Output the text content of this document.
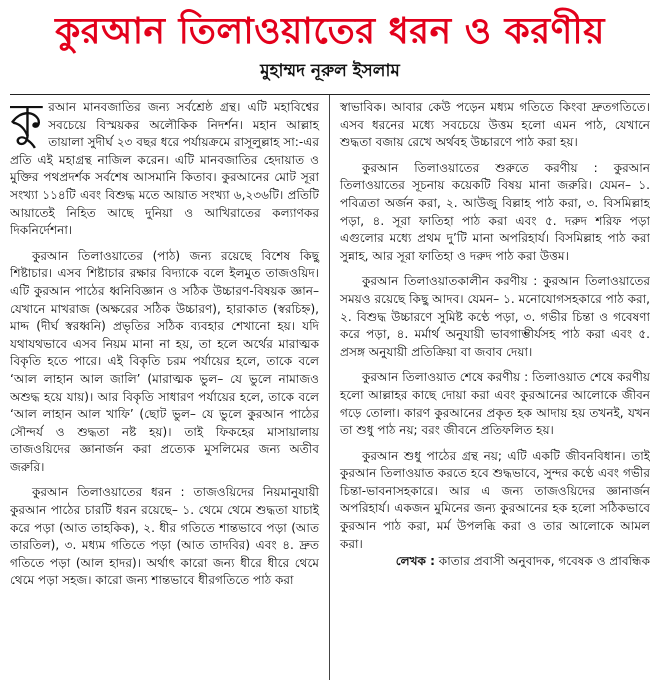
কুরআন তিলাওয়াতের ধরন ও করণীয়
মুহাম্মদ নূরুল ইসলাম

কুরআন মানবজাতির জন্য সর্বশ্রেষ্ঠ গ্রন্থ। এটি মহাবিশ্বের সবচেয়ে বিস্ময়কর অলৌকিক নিদর্শন। মহান আল্লাহ তায়ালা সুদীর্ঘ ২৩ বছর ধরে পর্যায়ক্রমে রাসূলুল্লাহ সা:-এর প্রতি এই মহাগ্রন্থ নাজিল করেন। এটি মানবজাতির হেদায়াত ও মুক্তির পথপ্রদর্শক সর্বশেষ আসমানি কিতাব। কুরআনের মোট সূরা সংখ্যা ১১৪টি এবং বিশুদ্ধ মতে আয়াত সংখ্যা ৬,২৩৬টি। প্রতিটি আয়াতেই নিহিত আছে দুনিয়া ও আখিরাতের কল্যাণকর দিকনির্দেশনা।

কুরআন তিলাওয়াতের (পাঠ) জন্য রয়েছে বিশেষ কিছু শিষ্টাচার। এসব শিষ্টাচার রক্ষার বিদ্যাকে বলে ইলমুত তাজওয়িদ। এটি কুরআন পাঠের ধ্বনিবিজ্ঞান ও সঠিক উচ্চারণ-বিষয়ক জ্ঞান– যেখানে মাখরাজ (অক্ষরের সঠিক উচ্চারণ), হারাকাত (স্বরচিহ্ন), মাদ্দ (দীর্ঘ স্বরধ্বনি) প্রভৃতির সঠিক ব্যবহার শেখানো হয়। যদি যথাযথভাবে এসব নিয়ম মানা না হয়, তা হলে অর্থের মারাত্মক বিকৃতি হতে পারে। এই বিকৃতি চরম পর্যায়ের হলে, তাকে বলে ‘আল লাহান আল জালি’ (মারাত্মক ভুল– যে ভুলে নামাজও অশুদ্ধ হয়ে যায়)। আর বিকৃতি সাধারণ পর্যায়ের হলে, তাকে বলে ‘আল লাহান আল খাফি’ (ছোট ভুল– যে ভুলে কুরআন পাঠের সৌন্দর্য ও শুদ্ধতা নষ্ট হয়)। তাই ফিকহের মাসায়ালায় তাজওয়িদের জ্ঞানার্জন করা প্রত্যেক মুসলিমের জন্য অতীব জরুরি।

কুরআন তিলাওয়াতের ধরন : তাজওয়িদের নিয়মানুযায়ী কুরআন পাঠের চারটি ধরন রয়েছে– ১. থেমে থেমে শুদ্ধতা যাচাই করে পড়া (আত তাহকিক), ২. ধীর গতিতে শান্তভাবে পড়া (আত তারতিল), ৩. মধ্যম গতিতে পড়া (আত তাদবির) এবং ৪. দ্রুত গতিতে পড়া (আল হাদর)। অর্থাৎ কারো জন্য ধীরে ধীরে থেমে থেমে পড়া সহজ। কারো জন্য শান্তভাবে ধীরগতিতে পাঠ করা

স্বাভাবিক। আবার কেউ পড়েন মধ্যম গতিতে কিংবা দ্রুতগতিতে। এসব ধরনের মধ্যে সবচেয়ে উত্তম হলো এমন পাঠ, যেখানে শুদ্ধতা বজায় রেখে অর্থবহ উচ্চারণে পাঠ করা হয়।

কুরআন তিলাওয়াতের শুরুতে করণীয় : কুরআন তিলাওয়াতের সূচনায় কয়েকটি বিষয় মানা জরুরি। যেমন– ১. পবিত্রতা অর্জন করা, ২. আউজু বিল্লাহ পাঠ করা, ৩. বিসমিল্লাহ পড়া, ৪. সূরা ফাতিহা পাঠ করা এবং ৫. দরুদ শরিফ পড়া এগুলোর মধ্যে প্রথম দু’টি মানা অপরিহার্য। বিসমিল্লাহ পাঠ করা সুন্নাহ, আর সূরা ফাতিহা ও দরুদ পাঠ করা উত্তম।

কুরআন তিলাওয়াতকালীন করণীয় : কুরআন তিলাওয়াতের সময়ও রয়েছে কিছু আদব। যেমন– ১. মনোযোগসহকারে পাঠ করা, ২. বিশুদ্ধ উচ্চারণে সুমিষ্ট কণ্ঠে পড়া, ৩. গভীর চিন্তা ও গবেষণা করে পড়া, ৪. মর্মার্থ অনুযায়ী ভাবগাম্ভীর্যসহ পাঠ করা এবং ৫. প্রসঙ্গ অনুযায়ী প্রতিক্রিয়া বা জবাব দেয়া।

কুরআন তিলাওয়াত শেষে করণীয় : তিলাওয়াত শেষে করণীয় হলো আল্লাহর কাছে দোয়া করা এবং কুরআনের আলোকে জীবন গড়ে তোলা। কারণ কুরআনের প্রকৃত হক আদায় হয় তখনই, যখন তা শুধু পাঠ নয়; বরং জীবনে প্রতিফলিত হয়।

কুরআন শুধু পাঠের গ্রন্থ নয়; এটি একটি জীবনবিধান। তাই কুরআন তিলাওয়াত করতে হবে শুদ্ধভাবে, সুন্দর কণ্ঠে এবং গভীর চিন্তা-ভাবনাসহকারে। আর এ জন্য তাজওয়িদের জ্ঞানার্জন অপরিহার্য। একজন মুমিনের জন্য কুরআনের হক হলো সঠিকভাবে কুরআন পাঠ করা, মর্ম উপলব্ধি করা ও তার আলোকে আমল করা।

লেখক : কাতার প্রবাসী অনুবাদক, গবেষক ও প্রাবন্ধিক
